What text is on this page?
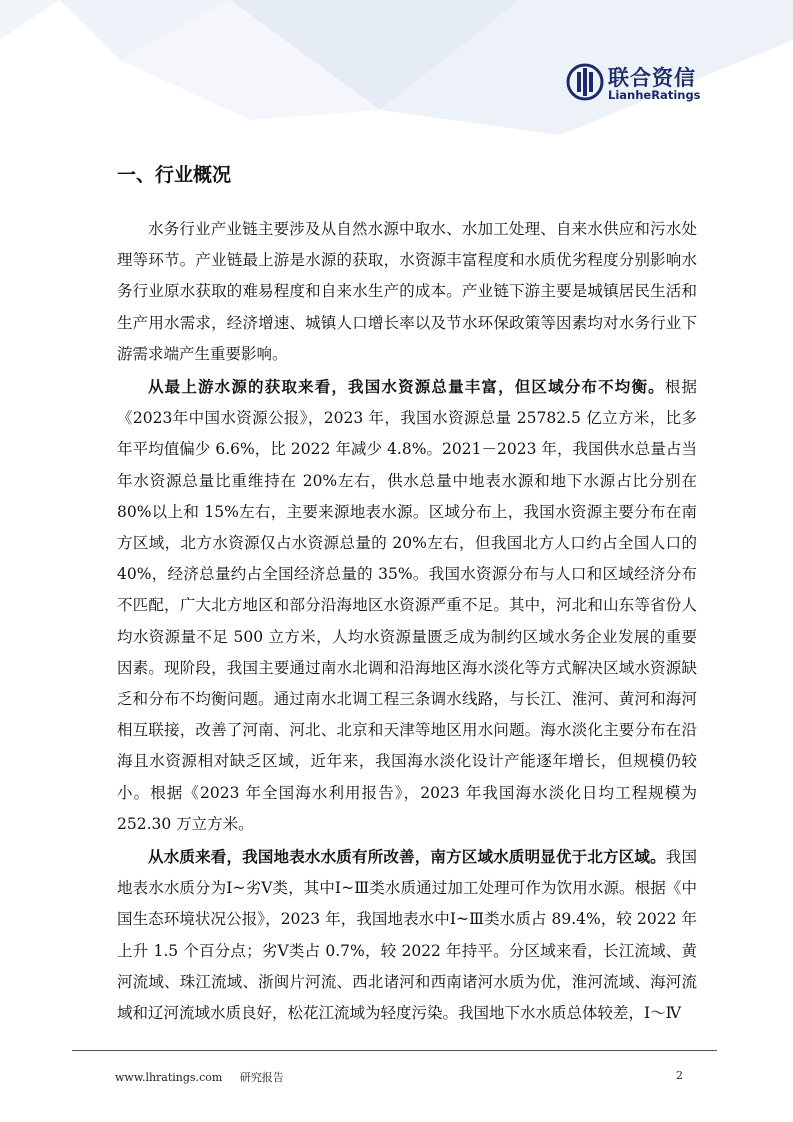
联合资信
LianheRatings
一、行业概况

水务行业产业链主要涉及从自然水源中取水、水加工处理、自来水供应和污水处理等环节。产业链最上游是水源的获取，水资源丰富程度和水质优劣程度分别影响水务行业原水获取的难易程度和自来水生产的成本。产业链下游主要是城镇居民生活和生产用水需求，经济增速、城镇人口增长率以及节水环保政策等因素均对水务行业下游需求端产生重要影响。

从最上游水源的获取来看，我国水资源总量丰富，但区域分布不均衡。根据《2023年中国水资源公报》，2023 年，我国水资源总量 25782.5 亿立方米，比多年平均值偏少 6.6%，比 2022 年减少 4.8%。2021－2023 年，我国供水总量占当年水资源总量比重维持在 20%左右，供水总量中地表水源和地下水源占比分别在 80%以上和 15%左右，主要来源地表水源。区域分布上，我国水资源主要分布在南方区域，北方水资源仅占水资源总量的 20%左右，但我国北方人口约占全国人口的 40%，经济总量约占全国经济总量的 35%。我国水资源分布与人口和区域经济分布不匹配，广大北方地区和部分沿海地区水资源严重不足。其中，河北和山东等省份人均水资源量不足 500 立方米，人均水资源量匮乏成为制约区域水务企业发展的重要因素。现阶段，我国主要通过南水北调和沿海地区海水淡化等方式解决区域水资源缺乏和分布不均衡问题。通过南水北调工程三条调水线路，与长江、淮河、黄河和海河相互联接，改善了河南、河北、北京和天津等地区用水问题。海水淡化主要分布在沿海且水资源相对缺乏区域，近年来，我国海水淡化设计产能逐年增长，但规模仍较小。根据《2023 年全国海水利用报告》，2023 年我国海水淡化日均工程规模为 252.30 万立方米。

从水质来看，我国地表水水质有所改善，南方区域水质明显优于北方区域。我国地表水水质分为Ⅰ~劣Ⅴ类，其中Ⅰ~Ⅲ类水质通过加工处理可作为饮用水源。根据《中国生态环境状况公报》，2023 年，我国地表水中Ⅰ~Ⅲ类水质占 89.4%，较 2022 年上升 1.5 个百分点；劣Ⅴ类占 0.7%，较 2022 年持平。分区域来看，长江流域、黄河流域、珠江流域、浙闽片河流、西北诸河和西南诸河水质为优，淮河流域、海河流域和辽河流域水质良好，松花江流域为轻度污染。我国地下水水质总体较差，Ⅰ～Ⅳ

www.lhratings.com 研究报告	2
